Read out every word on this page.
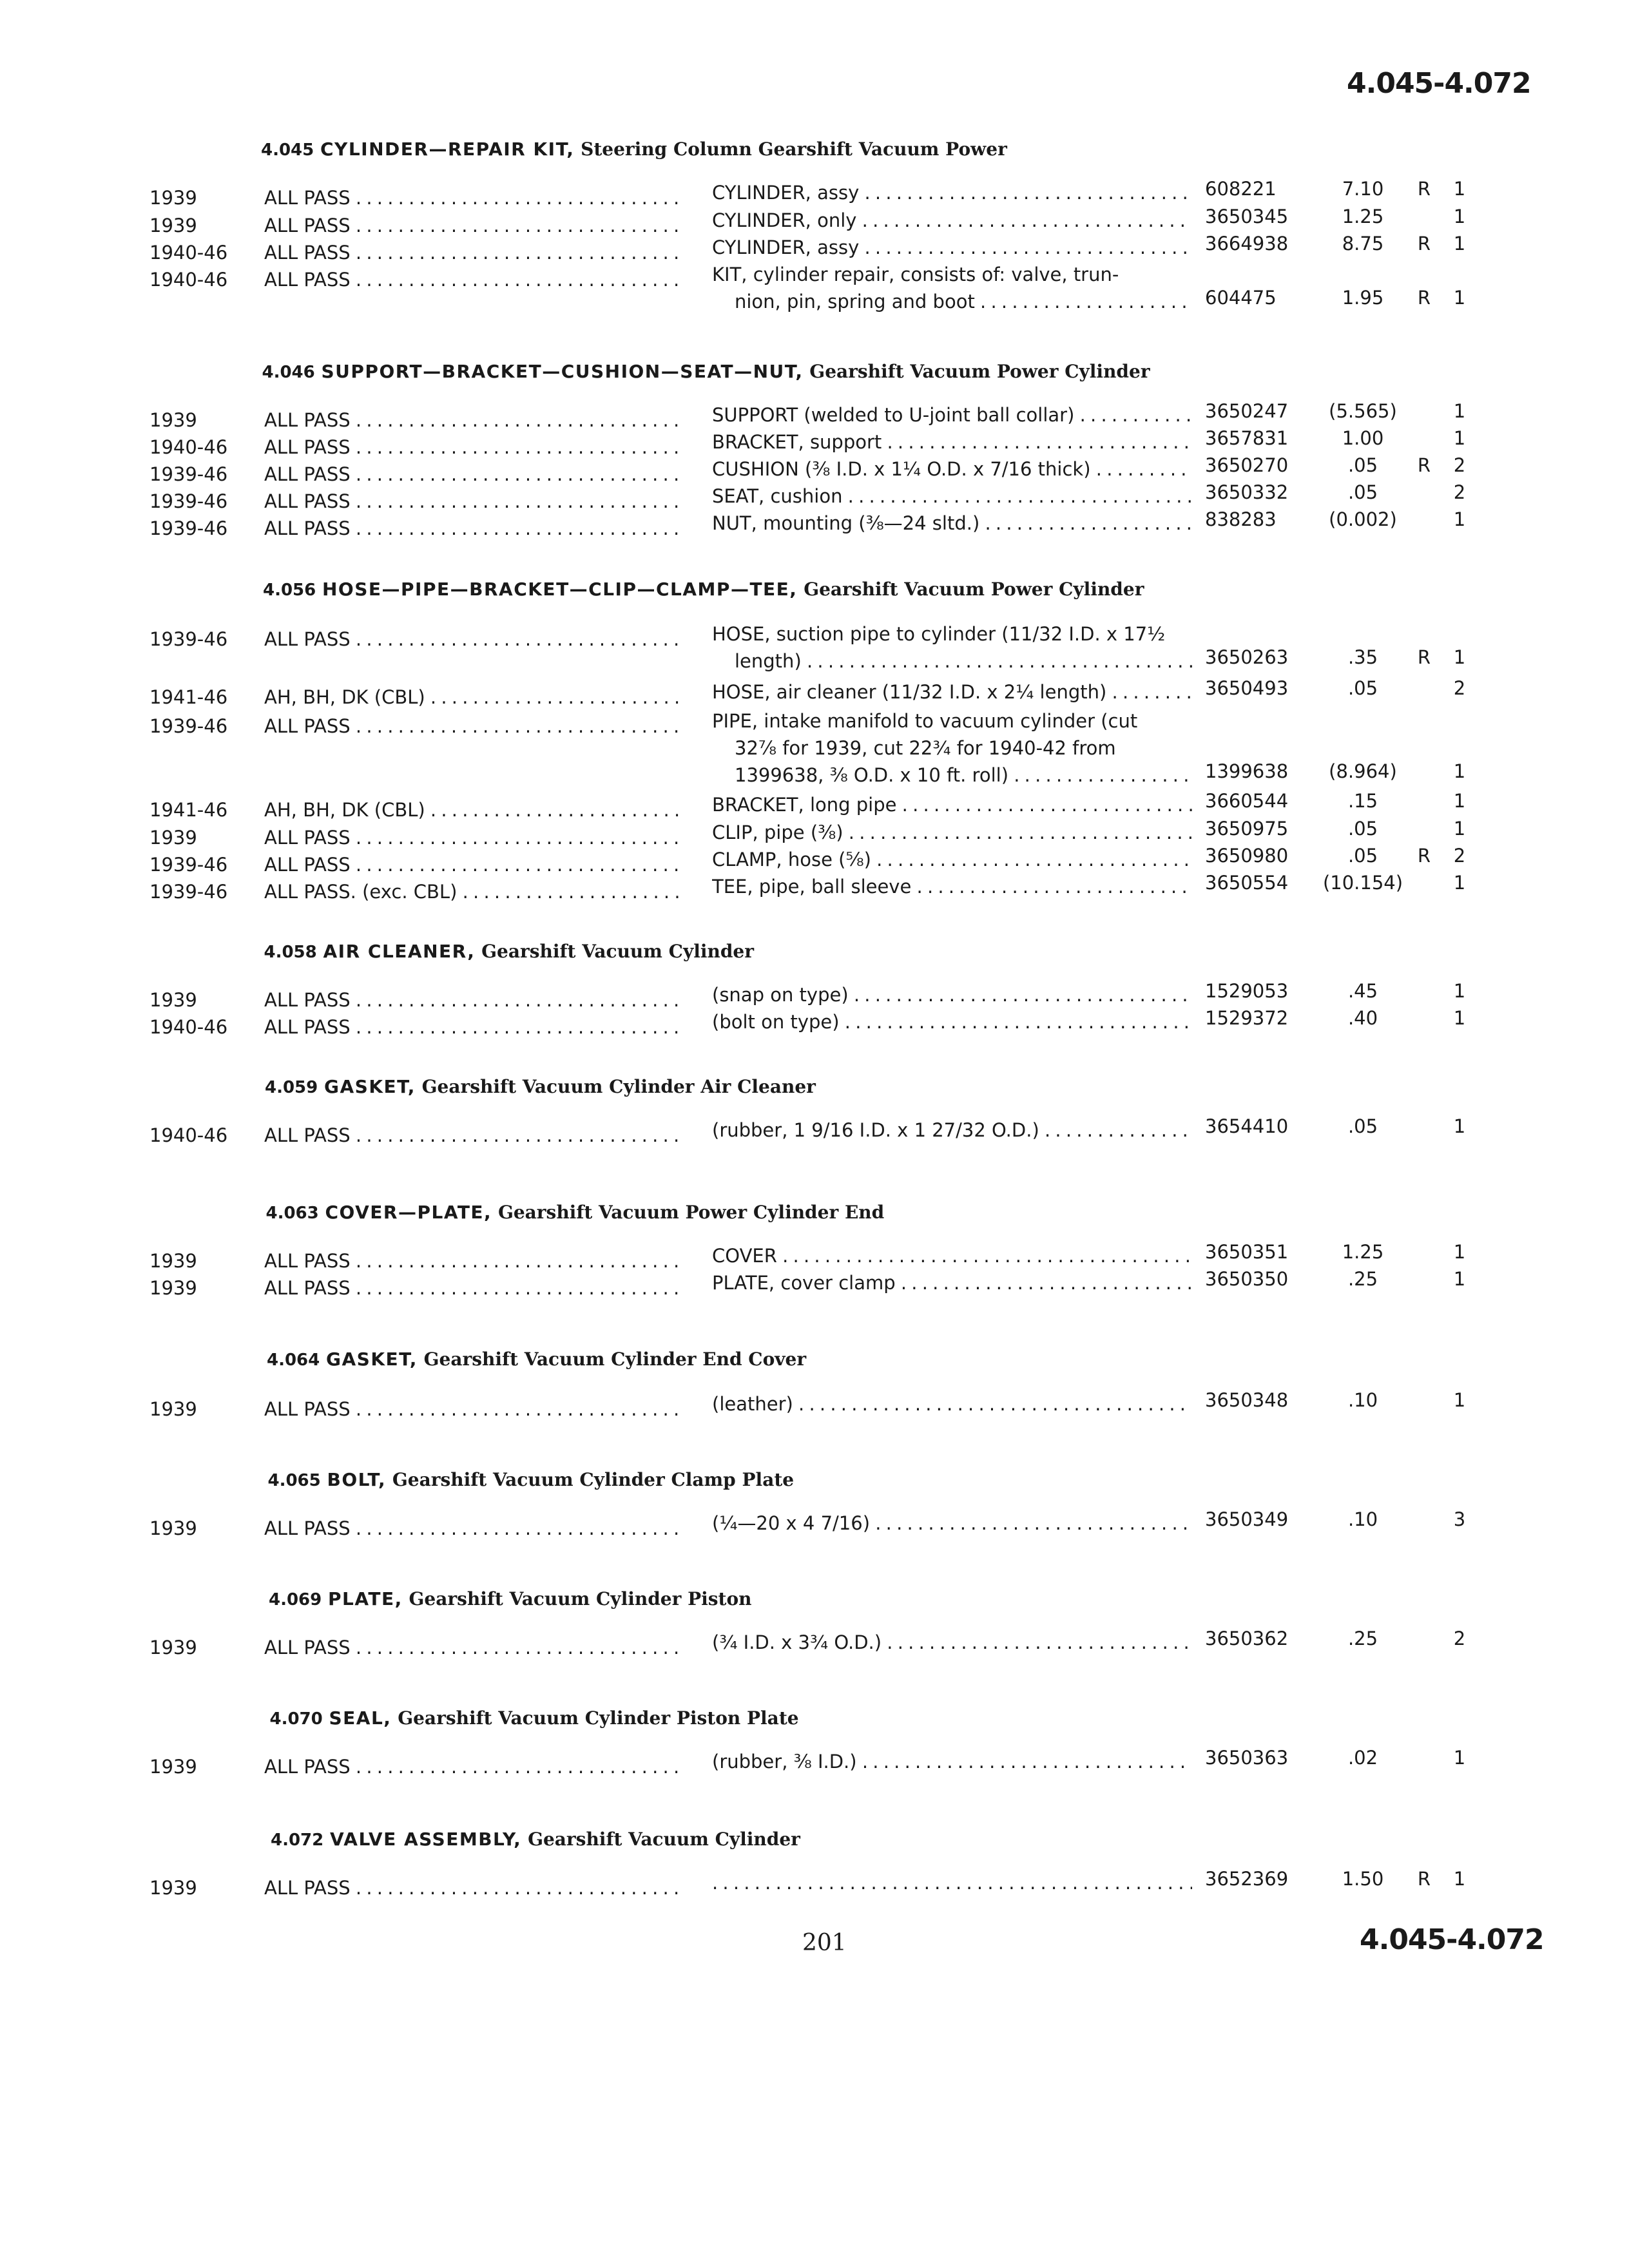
4.045-4.072
4.045 CYLINDER—REPAIR KIT, Steering Column Gearshift Vacuum Power
1939	ALL PASS . . .	CYLINDER, assy . . .	608221	7.10	R	1
1939	ALL PASS . . .	CYLINDER, only . . .	3650345	1.25	1
1940-46 ALL PASS . . .	CYLINDER, assy . . .	3664938	8.75	R	1
1940-46 ALL PASS . . .	KIT, cylinder repair, consists of: valve, trun-
nion, pin, spring and boot . . .	604475	1.95	R	1
4.046 SUPPORT—BRACKET—CUSHION—SEAT—NUT, Gearshift Vacuum Power Cylinder
1939	ALL PASS . . .	SUPPORT (welded to U-joint ball collar) . . .	3650247	(5.565)	1
1940-46 ALL PASS . . .	BRACKET, support . . .	3657831	1.00	1
1939-46 ALL PASS . . .	CUSHION (⅜ I.D. x 1¼ O.D. x 7/16 thick) . . .	3650270	.05	R	2
1939-46 ALL PASS . . .	SEAT, cushion . . .	3650332	.05	2
1939-46 ALL PASS . . .	NUT, mounting (⅜—24 sltd.) . . .	838283	(0.002)	1
4.056 HOSE—PIPE—BRACKET—CLIP—CLAMP—TEE, Gearshift Vacuum Power Cylinder
1939-46 ALL PASS . . .	HOSE, suction pipe to cylinder (11/32 I.D. x 17½
length) . . .	3650263	.35	R	1
1941-46 AH, BH, DK (CBL) . . .	HOSE, air cleaner (11/32 I.D. x 2¼ length) . . .	3650493	.05	2
1939-46 ALL PASS . . .	PIPE, intake manifold to vacuum cylinder (cut
32⅞ for 1939, cut 22¾ for 1940-42 from
1399638, ⅜ O.D. x 10 ft. roll) . . .	1399638	(8.964)	1
1941-46 AH, BH, DK (CBL) . . .	BRACKET, long pipe . . .	3660544	.15	1
1939	ALL PASS . . .	CLIP, pipe (⅜) . . .	3650975	.05	1
1939-46 ALL PASS . . .	CLAMP, hose (⅝) . . .	3650980	.05	R	2
1939-46 ALL PASS. (exc. CBL) . . .	TEE, pipe, ball sleeve . . .	3650554	(10.154)	1
4.058 AIR CLEANER, Gearshift Vacuum Cylinder
1939	ALL PASS . . .	(snap on type) . . .	1529053	.45	1
1940-46 ALL PASS . . .	(bolt on type) . . .	1529372	.40	1
4.059 GASKET, Gearshift Vacuum Cylinder Air Cleaner
1940-46 ALL PASS . . .	(rubber, 1 9/16 I.D. x 1 27/32 O.D.) . . .	3654410	.05	1
4.063 COVER—PLATE, Gearshift Vacuum Power Cylinder End
1939	ALL PASS . . .	COVER . . .	3650351	1.25	1
1939	ALL PASS . . .	PLATE, cover clamp . . .	3650350	.25	1
4.064 GASKET, Gearshift Vacuum Cylinder End Cover
1939	ALL PASS . . .	(leather) . . .	3650348	.10	1
4.065 BOLT, Gearshift Vacuum Cylinder Clamp Plate
1939	ALL PASS . . .	(¼—20 x 4 7/16) . . .	3650349	.10	3
4.069 PLATE, Gearshift Vacuum Cylinder Piston
1939	ALL PASS . . .	(¾ I.D. x 3¾ O.D.) . . .	3650362	.25	2
4.070 SEAL, Gearshift Vacuum Cylinder Piston Plate
1939	ALL PASS . . .	(rubber, ⅜ I.D.) . . .	3650363	.02	1
4.072 VALVE ASSEMBLY, Gearshift Vacuum Cylinder
1939	ALL PASS . . .
. . .	3652369	1.50	R	1
201	4.045-4.072
